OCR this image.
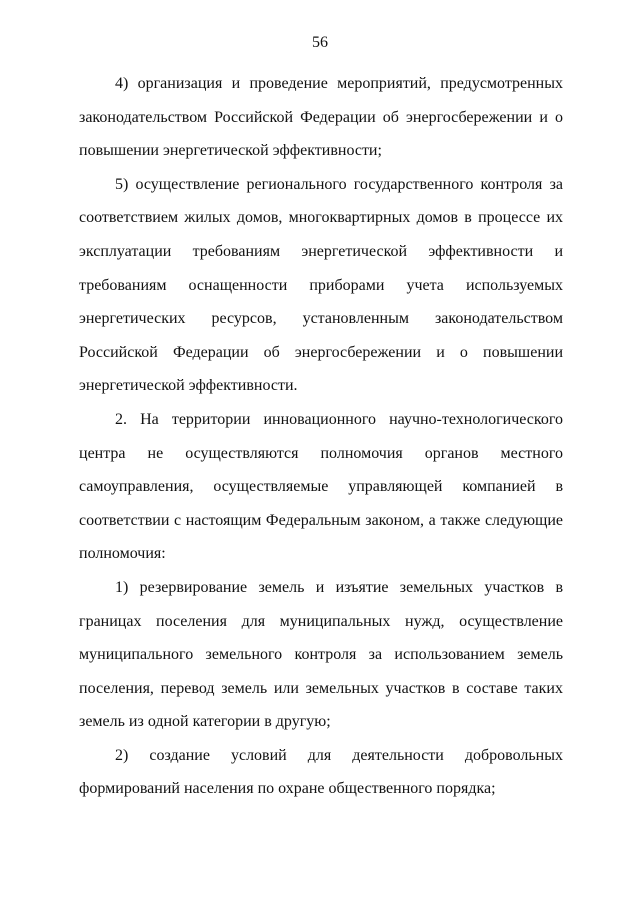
56

4) организация и проведение мероприятий, предусмотренных законодательством Российской Федерации об энергосбережении и о повышении энергетической эффективности;

5) осуществление регионального государственного контроля за соответствием жилых домов, многоквартирных домов в процессе их эксплуатации требованиям энергетической эффективности и требованиям оснащенности приборами учета используемых энергетических ресурсов, установленным законодательством Российской Федерации об энергосбережении и о повышении энергетической эффективности.

2. На территории инновационного научно-технологического центра не осуществляются полномочия органов местного самоуправления, осуществляемые управляющей компанией в соответствии с настоящим Федеральным законом, а также следующие полномочия:

1) резервирование земель и изъятие земельных участков в границах поселения для муниципальных нужд, осуществление муниципального земельного контроля за использованием земель поселения, перевод земель или земельных участков в составе таких земель из одной категории в другую;

2) создание условий для деятельности добровольных формирований населения по охране общественного порядка;
